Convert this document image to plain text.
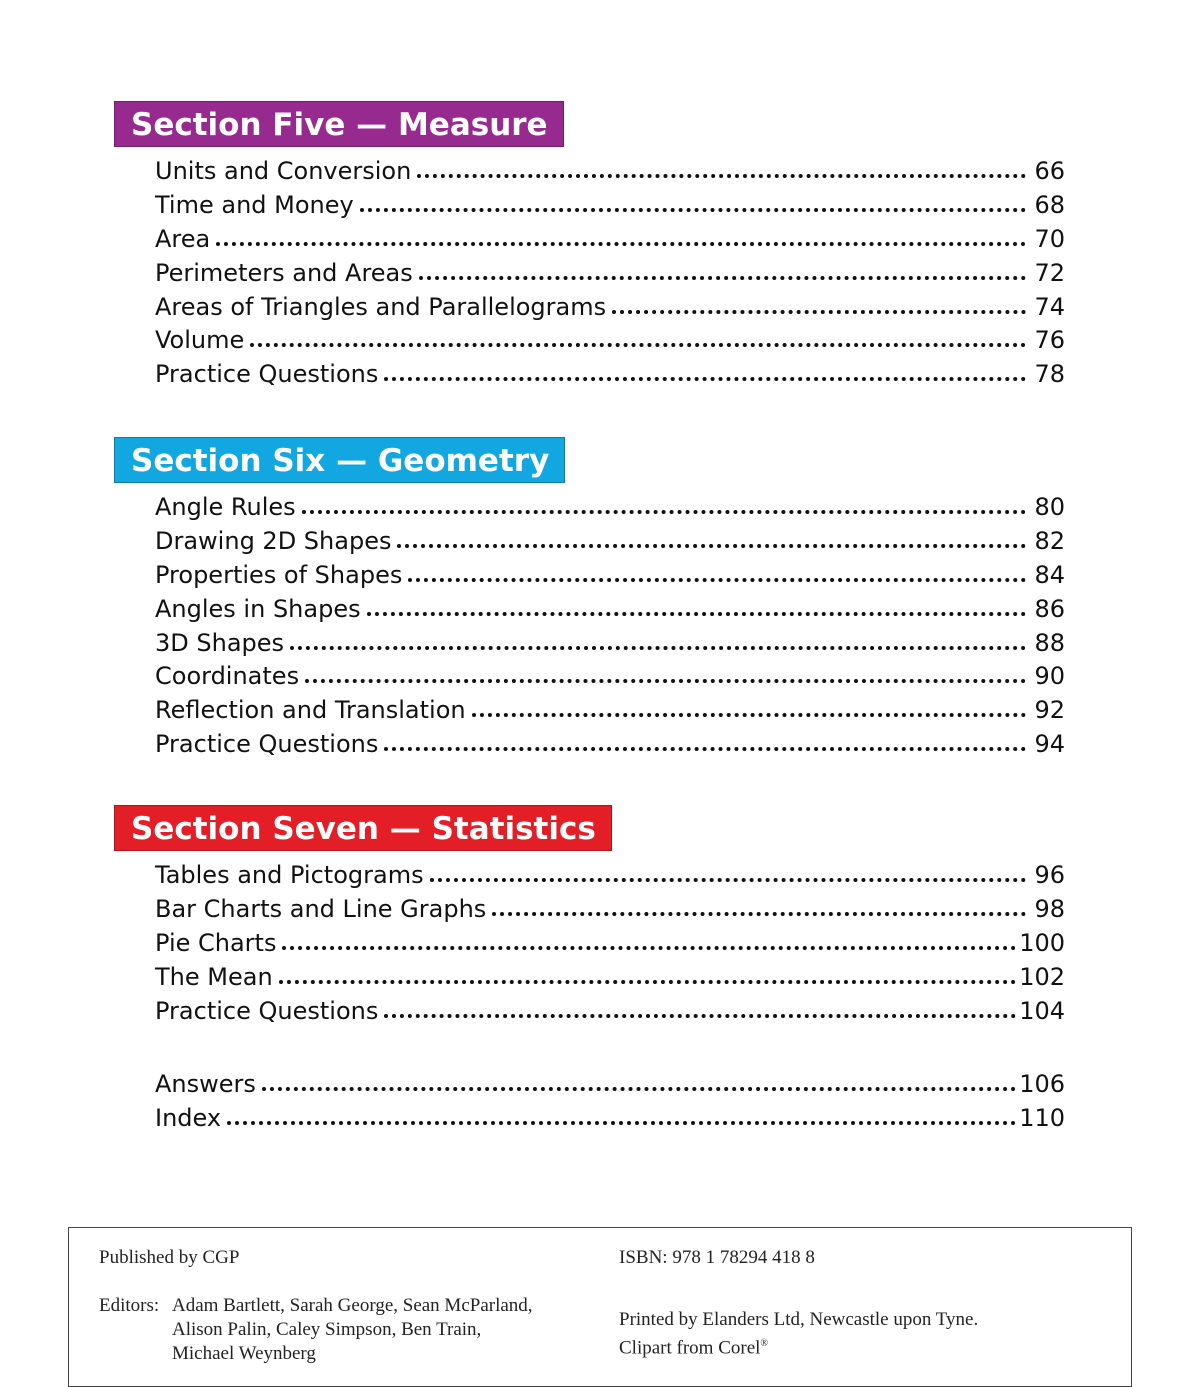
Section Five — Measure
Units and Conversion	66
Time and Money	68
Area	70
Perimeters and Areas	72
Areas of Triangles and Parallelograms	74
Volume	76
Practice Questions	78
Section Six — Geometry
Angle Rules	80
Drawing 2D Shapes	82
Properties of Shapes	84
Angles in Shapes	86
3D Shapes	88
Coordinates	90
Reflection and Translation	92
Practice Questions	94
Section Seven — Statistics
Tables and Pictograms	96
Bar Charts and Line Graphs	98
Pie Charts	100
The Mean	102
Practice Questions	104
Answers	106
Index	110
Published by CGP
Editors: Adam Bartlett, Sarah George, Sean McParland,
Alison Palin, Caley Simpson, Ben Train,
Michael Weynberg
ISBN: 978 1 78294 418 8
Printed by Elanders Ltd, Newcastle upon Tyne.
Clipart from Corel®
